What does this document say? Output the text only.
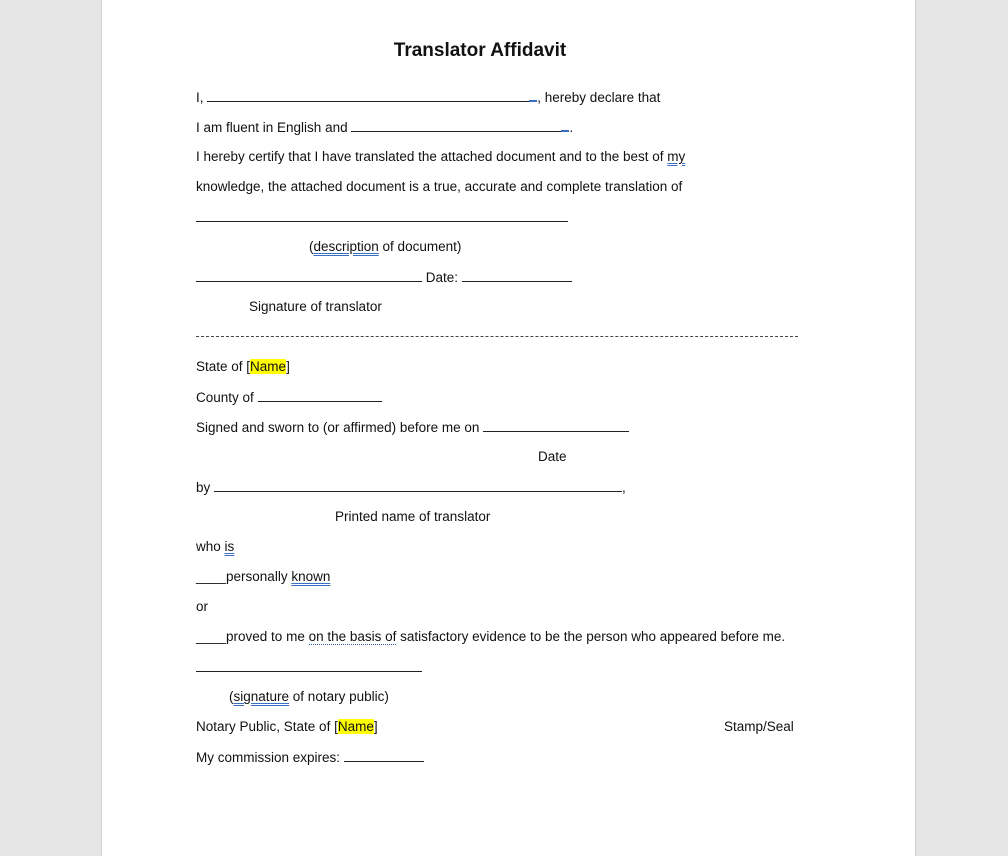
Translator Affidavit
I,	, hereby declare that
I am fluent in English and	.
I hereby certify that I have translated the attached document and to the best of my
knowledge, the attached document is a true, accurate and complete translation of
(description of document)
Date:
Signature of translator
State of [Name]
County of
Signed and sworn to (or affirmed) before me on
Date
by	,
Printed name of translator
who is
____personally known
or
____proved to me on the basis of satisfactory evidence to be the person who appeared before me.
(signature of notary public)
Notary Public, State of [Name]	Stamp/Seal
My commission expires:
